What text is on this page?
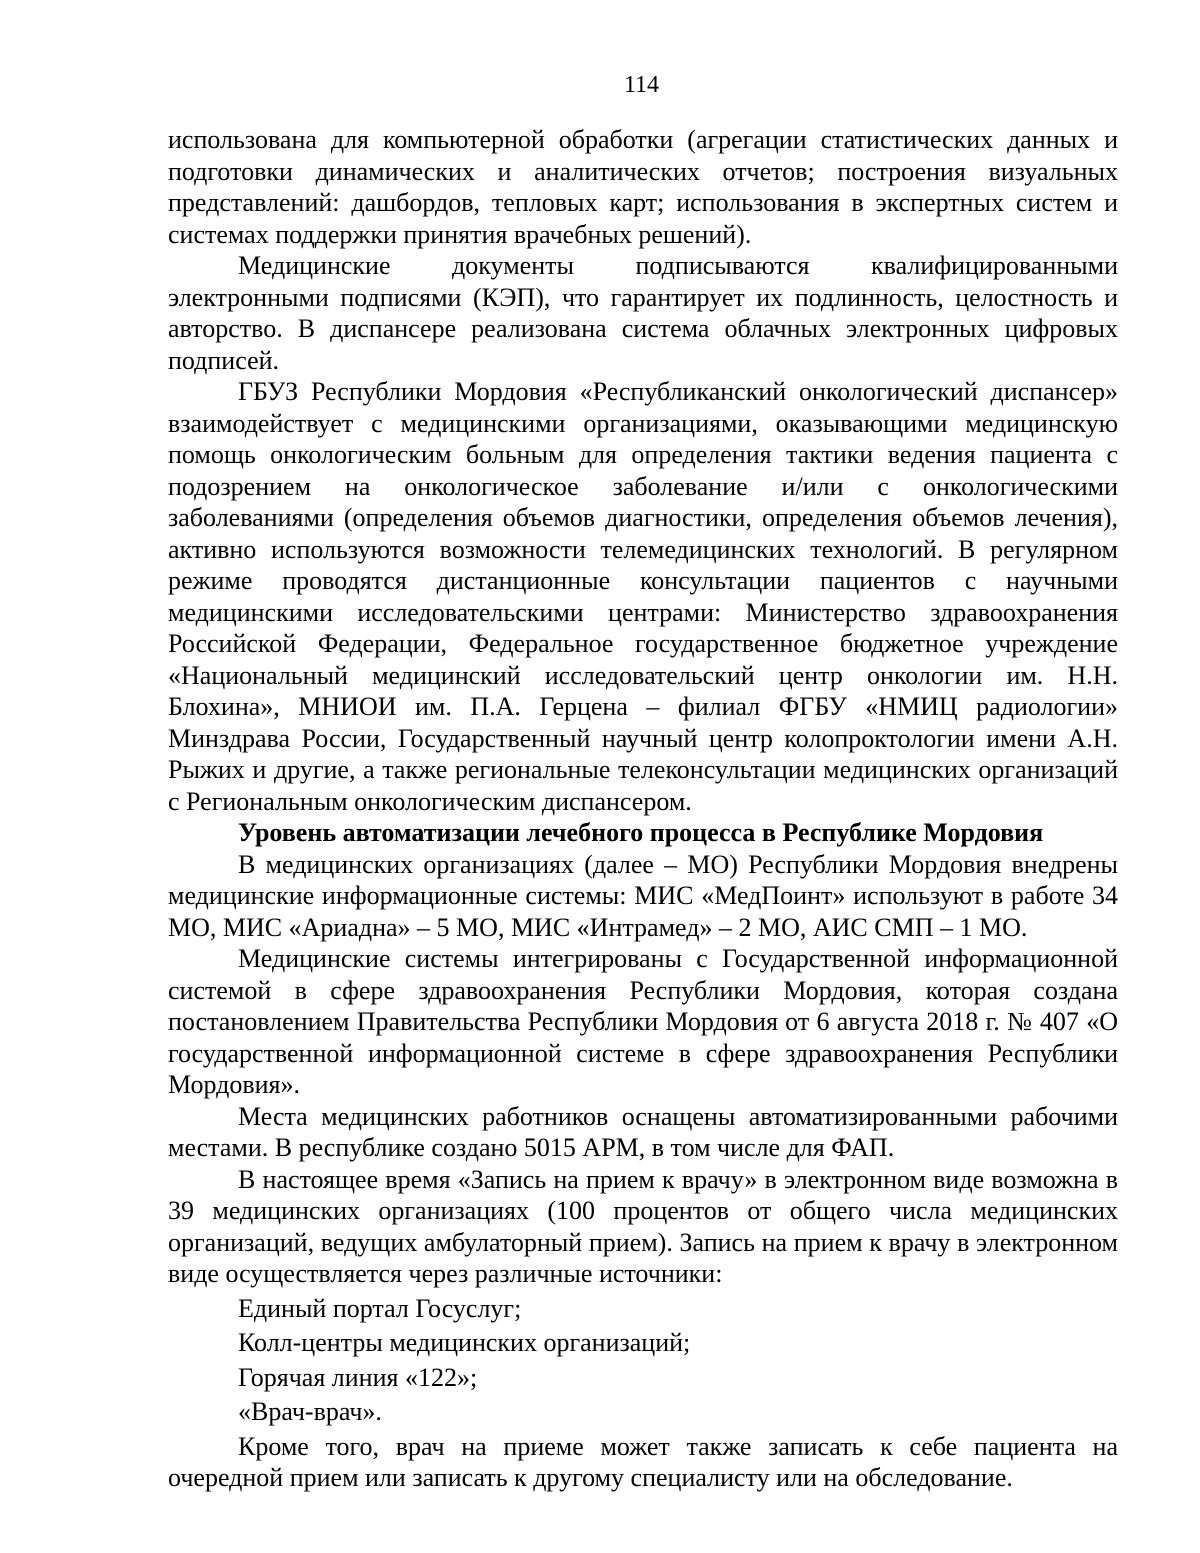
114

использована для компьютерной обработки (агрегации статистических данных и подготовки динамических и аналитических отчетов; построения визуальных представлений: дашбордов, тепловых карт; использования в экспертных систем и системах поддержки принятия врачебных решений).

Медицинские документы подписываются квалифицированными электронными подписями (КЭП), что гарантирует их подлинность, целостность и авторство. В диспансере реализована система облачных электронных цифровых подписей.

ГБУЗ Республики Мордовия «Республиканский онкологический диспансер» взаимодействует с медицинскими организациями, оказывающими медицинскую помощь онкологическим больным для определения тактики ведения пациента с подозрением на онкологическое заболевание и/или с онкологическими заболеваниями (определения объемов диагностики, определения объемов лечения), активно используются возможности телемедицинских технологий. В регулярном режиме проводятся дистанционные консультации пациентов с научными медицинскими исследовательскими центрами: Министерство здравоохранения Российской Федерации, Федеральное государственное бюджетное учреждение «Национальный медицинский исследовательский центр онкологии им. Н.Н. Блохина», МНИОИ им. П.А. Герцена – филиал ФГБУ «НМИЦ радиологии» Минздрава России, Государственный научный центр колопроктологии имени А.Н. Рыжих и другие, а также региональные телеконсультации медицинских организаций с Региональным онкологическим диспансером.

Уровень автоматизации лечебного процесса в Республике Мордовия

В медицинских организациях (далее – МО) Республики Мордовия внедрены медицинские информационные системы: МИС «МедПоинт» используют в работе 34 МО, МИС «Ариадна» – 5 МО, МИС «Интрамед» – 2 МО, АИС СМП – 1 МО.

Медицинские системы интегрированы с Государственной информационной системой в сфере здравоохранения Республики Мордовия, которая создана постановлением Правительства Республики Мордовия от 6 августа 2018 г. № 407 «О государственной информационной системе в сфере здравоохранения Республики Мордовия».

Места медицинских работников оснащены автоматизированными рабочими местами. В республике создано 5015 АРМ, в том числе для ФАП.

В настоящее время «Запись на прием к врачу» в электронном виде возможна в 39 медицинских организациях (100 процентов от общего числа медицинских организаций, ведущих амбулаторный прием). Запись на прием к врачу в электронном виде осуществляется через различные источники:

Единый портал Госуслуг;

Колл-центры медицинских организаций;

Горячая линия «122»;

«Врач-врач».

Кроме того, врач на приеме может также записать к себе пациента на очередной прием или записать к другому специалисту или на обследование.
